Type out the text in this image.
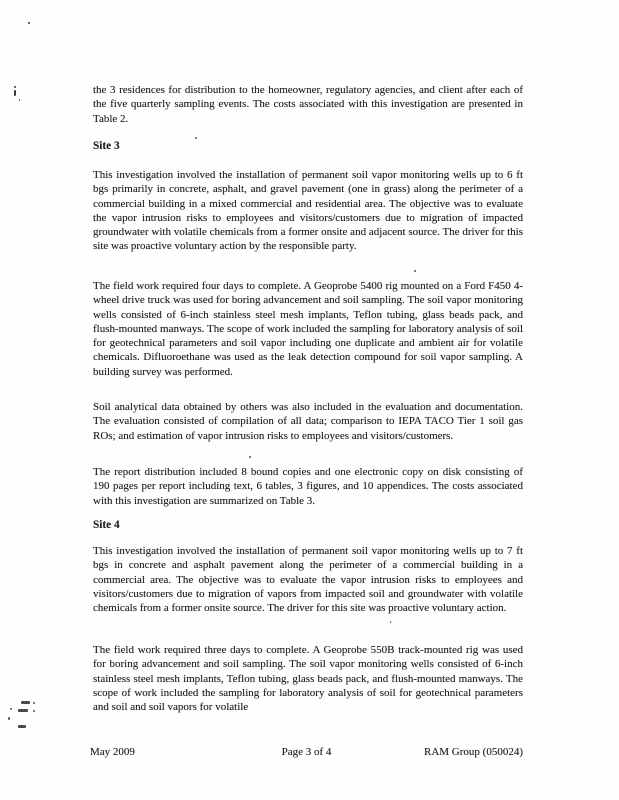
the 3 residences for distribution to the homeowner, regulatory agencies, and client after each of the five quarterly sampling events. The costs associated with this investigation are presented in Table 2.

Site 3

This investigation involved the installation of permanent soil vapor monitoring wells up to 6 ft bgs primarily in concrete, asphalt, and gravel pavement (one in grass) along the perimeter of a commercial building in a mixed commercial and residential area. The objective was to evaluate the vapor intrusion risks to employees and visitors/customers due to migration of impacted groundwater with volatile chemicals from a former onsite and adjacent source. The driver for this site was proactive voluntary action by the responsible party.

The field work required four days to complete. A Geoprobe 5400 rig mounted on a Ford F450 4-wheel drive truck was used for boring advancement and soil sampling. The soil vapor monitoring wells consisted of 6-inch stainless steel mesh implants, Teflon tubing, glass beads pack, and flush-mounted manways. The scope of work included the sampling for laboratory analysis of soil for geotechnical parameters and soil vapor including one duplicate and ambient air for volatile chemicals. Difluoroethane was used as the leak detection compound for soil vapor sampling. A building survey was performed.

Soil analytical data obtained by others was also included in the evaluation and documentation. The evaluation consisted of compilation of all data; comparison to IEPA TACO Tier 1 soil gas ROs; and estimation of vapor intrusion risks to employees and visitors/customers.

The report distribution included 8 bound copies and one electronic copy on disk consisting of 190 pages per report including text, 6 tables, 3 figures, and 10 appendices. The costs associated with this investigation are summarized on Table 3.

Site 4

This investigation involved the installation of permanent soil vapor monitoring wells up to 7 ft bgs in concrete and asphalt pavement along the perimeter of a commercial building in a commercial area. The objective was to evaluate the vapor intrusion risks to employees and visitors/customers due to migration of vapors from impacted soil and groundwater with volatile chemicals from a former onsite source. The driver for this site was proactive voluntary action.

The field work required three days to complete. A Geoprobe 550B track-mounted rig was used for boring advancement and soil sampling. The soil vapor monitoring wells consisted of 6-inch stainless steel mesh implants, Teflon tubing, glass beads pack, and flush-mounted manways. The scope of work included the sampling for laboratory analysis of soil for geotechnical parameters and soil and soil vapors for volatile

May 2009	Page 3 of 4	RAM Group (050024)
